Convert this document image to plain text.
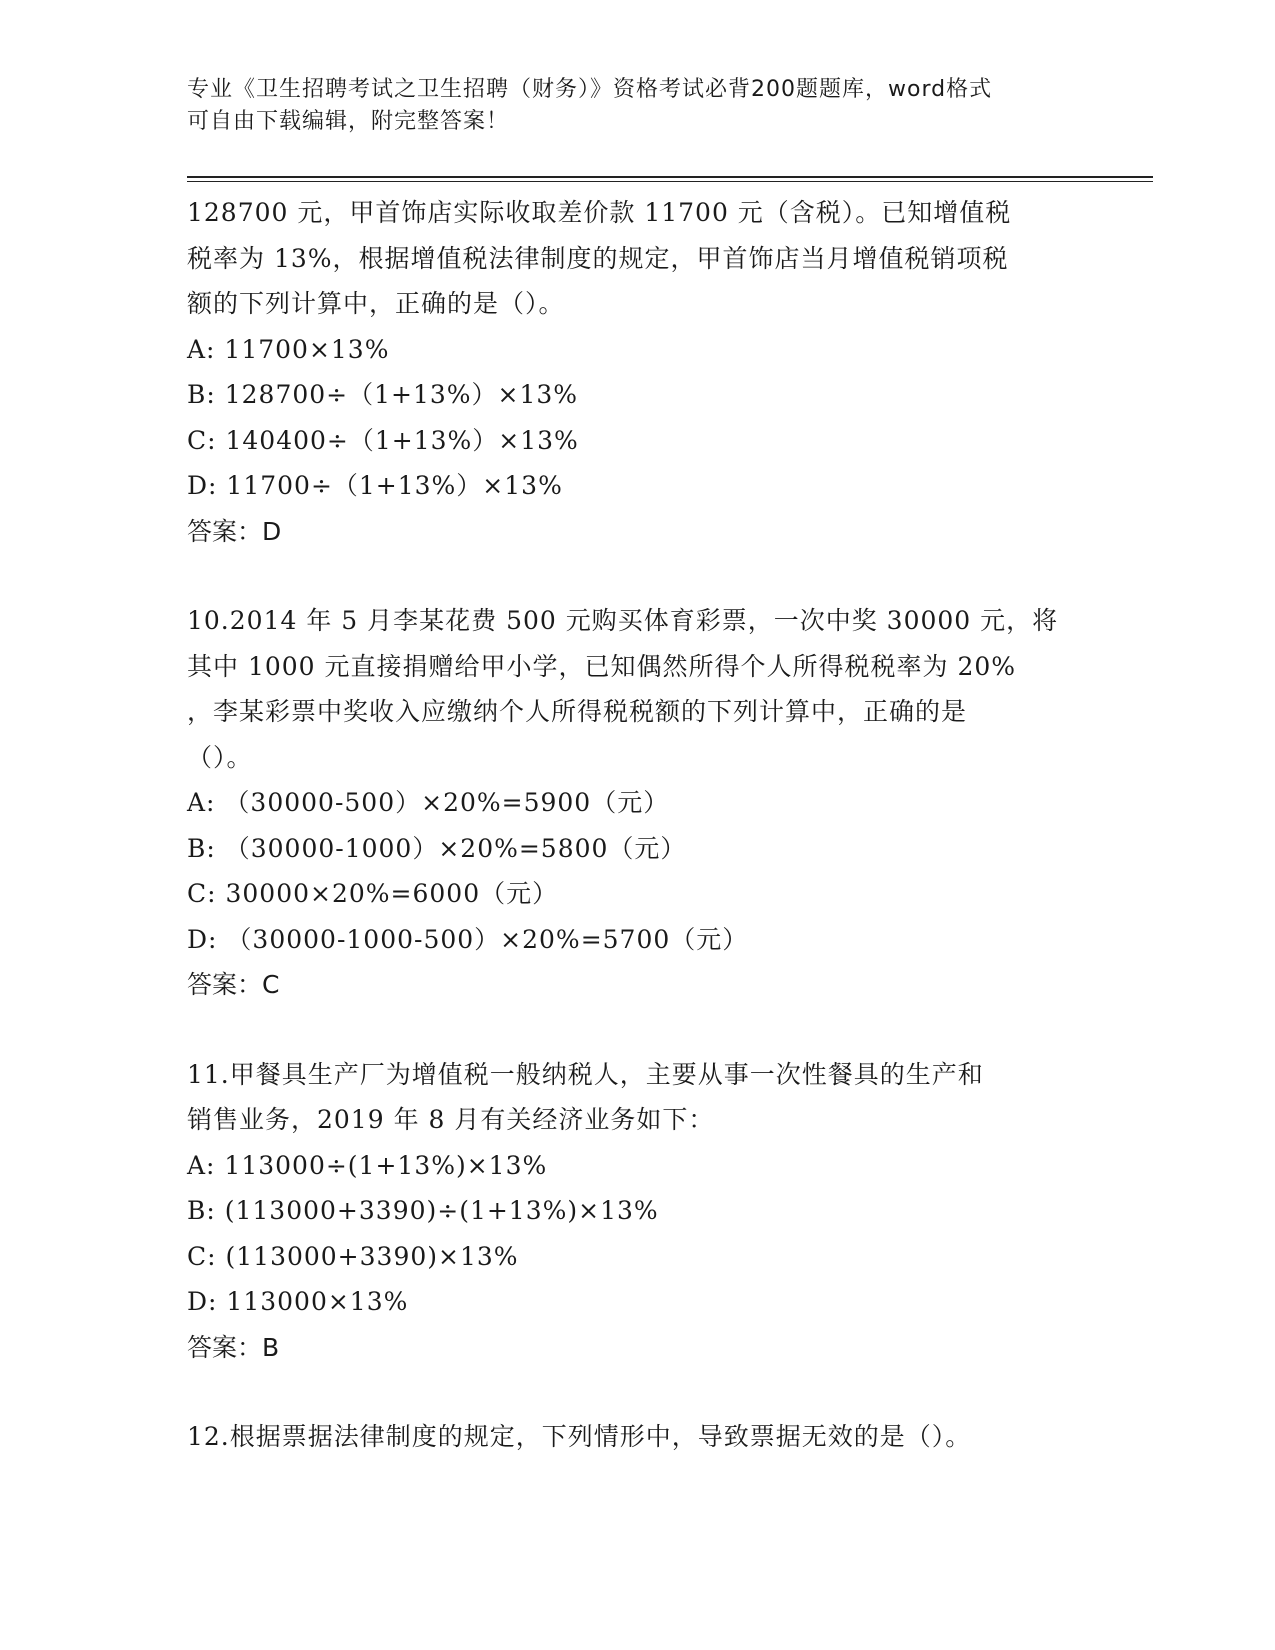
专业《卫生招聘考试之卫生招聘（财务）》资格考试必背200题题库，word格式
可自由下载编辑，附完整答案！
128700 元，甲首饰店实际收取差价款 11700 元（含税）。已知增值税
税率为 13%，根据增值税法律制度的规定，甲首饰店当月增值税销项税
额的下列计算中，正确的是（）。
A: 11700×13%
B: 128700÷（1+13%）×13%
C: 140400÷（1+13%）×13%
D: 11700÷（1+13%）×13%
答案：D
10.2014 年 5 月李某花费 500 元购买体育彩票，一次中奖 30000 元，将
其中 1000 元直接捐赠给甲小学，已知偶然所得个人所得税税率为 20%
，李某彩票中奖收入应缴纳个人所得税税额的下列计算中，正确的是
（）。
A: （30000-500）×20%=5900（元）
B: （30000-1000）×20%=5800（元）
C: 30000×20%=6000（元）
D: （30000-1000-500）×20%=5700（元）
答案：C
11.甲餐具生产厂为增值税一般纳税人，主要从事一次性餐具的生产和
销售业务，2019 年 8 月有关经济业务如下：
A: 113000÷(1+13%)×13%
B: (113000+3390)÷(1+13%)×13%
C: (113000+3390)×13%
D: 113000×13%
答案：B
12.根据票据法律制度的规定，下列情形中，导致票据无效的是（）。
